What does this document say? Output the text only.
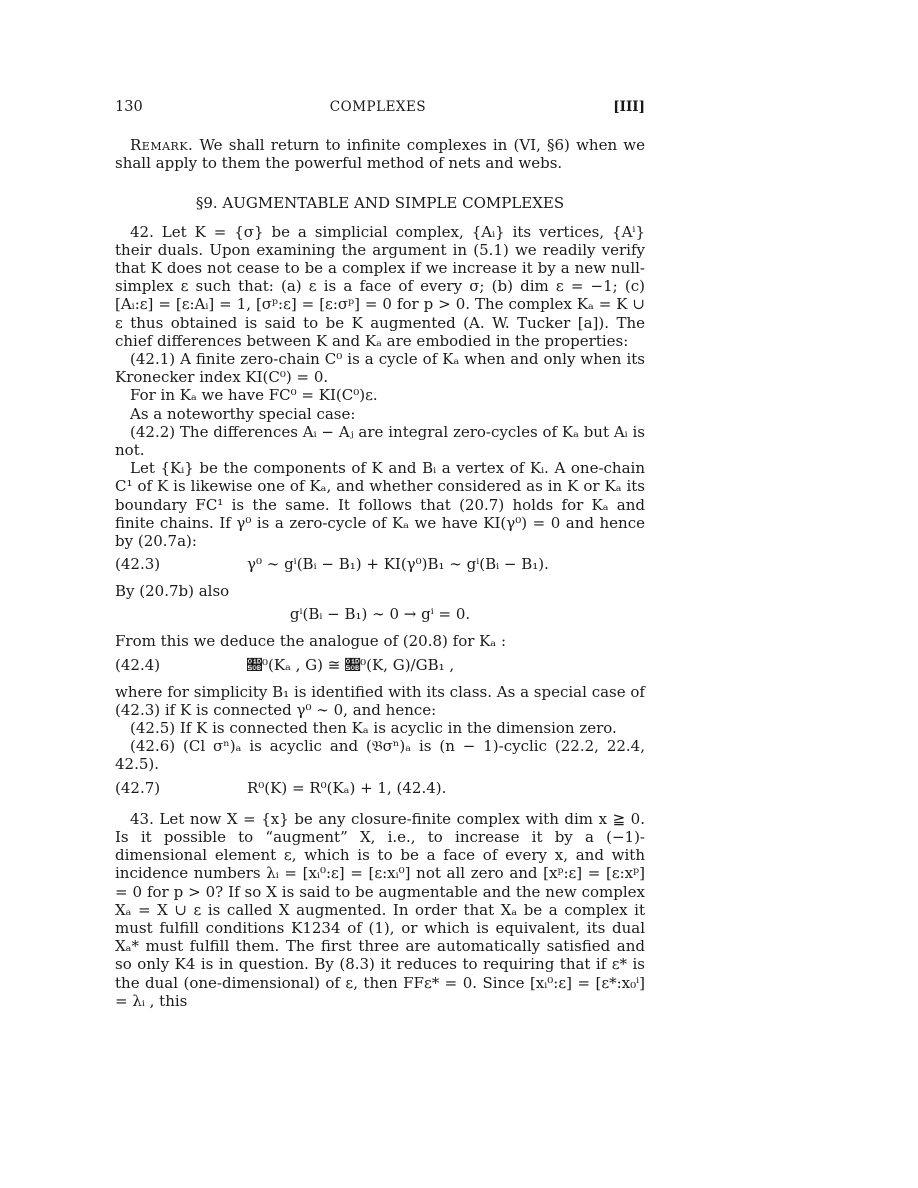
130	COMPLEXES	[III]

Remark. We shall return to infinite complexes in (VI, §6) when we shall apply to them the powerful method of nets and webs.

§9. AUGMENTABLE AND SIMPLE COMPLEXES

42. Let K = {σ} be a simplicial complex, {Aᵢ} its vertices, {Aⁱ} their duals. Upon examining the argument in (5.1) we readily verify that K does not cease to be a complex if we increase it by a new null-simplex ε such that: (a) ε is a face of every σ; (b) dim ε = −1; (c) [Aᵢ:ε] = [ε:Aᵢ] = 1, [σᵖ:ε] = [ε:σᵖ] = 0 for p > 0. The complex Kₐ = K ∪ ε thus obtained is said to be K augmented (A. W. Tucker [a]). The chief differences between K and Kₐ are embodied in the properties:

(42.1) A finite zero-chain C⁰ is a cycle of Kₐ when and only when its Kronecker index KI(C⁰) = 0.

For in Kₐ we have FC⁰ = KI(C⁰)ε.

As a noteworthy special case:

(42.2) The differences Aᵢ − Aⱼ are integral zero-cycles of Kₐ but Aᵢ is not.

Let {Kᵢ} be the components of K and Bᵢ a vertex of Kᵢ. A one-chain C¹ of K is likewise one of Kₐ, and whether considered as in K or Kₐ its boundary FC¹ is the same. It follows that (20.7) holds for Kₐ and finite chains. If γ⁰ is a zero-cycle of Kₐ we have KI(γ⁰) = 0 and hence by (20.7a):

(42.3)	γ⁰ ∼ gⁱ(Bᵢ − B₁) + KI(γ⁰)B₁ ∼ gⁱ(Bᵢ − B₁).

By (20.7b) also

gⁱ(Bᵢ − B₁) ∼ 0 → gⁱ = 0.

From this we deduce the analogue of (20.8) for Kₐ :

(42.4)	𝔋⁰(Kₐ , G) ≅ 𝔋⁰(K, G)/GB₁ ,

where for simplicity B₁ is identified with its class. As a special case of (42.3) if K is connected γ⁰ ∼ 0, and hence:

(42.5) If K is connected then Kₐ is acyclic in the dimension zero.

(42.6) (Cl σⁿ)ₐ is acyclic and (𝔅σⁿ)ₐ is (n − 1)-cyclic (22.2, 22.4, 42.5).

(42.7)	R⁰(K) = R⁰(Kₐ) + 1, (42.4).

43. Let now X = {x} be any closure-finite complex with dim x ≧ 0. Is it possible to “augment” X, i.e., to increase it by a (−1)-dimensional element ε, which is to be a face of every x, and with incidence numbers λᵢ = [xᵢ⁰:ε] = [ε:xᵢ⁰] not all zero and [xᵖ:ε] = [ε:xᵖ] = 0 for p > 0? If so X is said to be augmentable and the new complex Xₐ = X ∪ ε is called X augmented. In order that Xₐ be a complex it must fulfill conditions K1234 of (1), or which is equivalent, its dual Xₐ* must fulfill them. The first three are automatically satisfied and so only K4 is in question. By (8.3) it reduces to requiring that if ε* is the dual (one-dimensional) of ε, then FFε* = 0. Since [xᵢ⁰:ε] = [ε*:x₀ⁱ] = λᵢ , this
